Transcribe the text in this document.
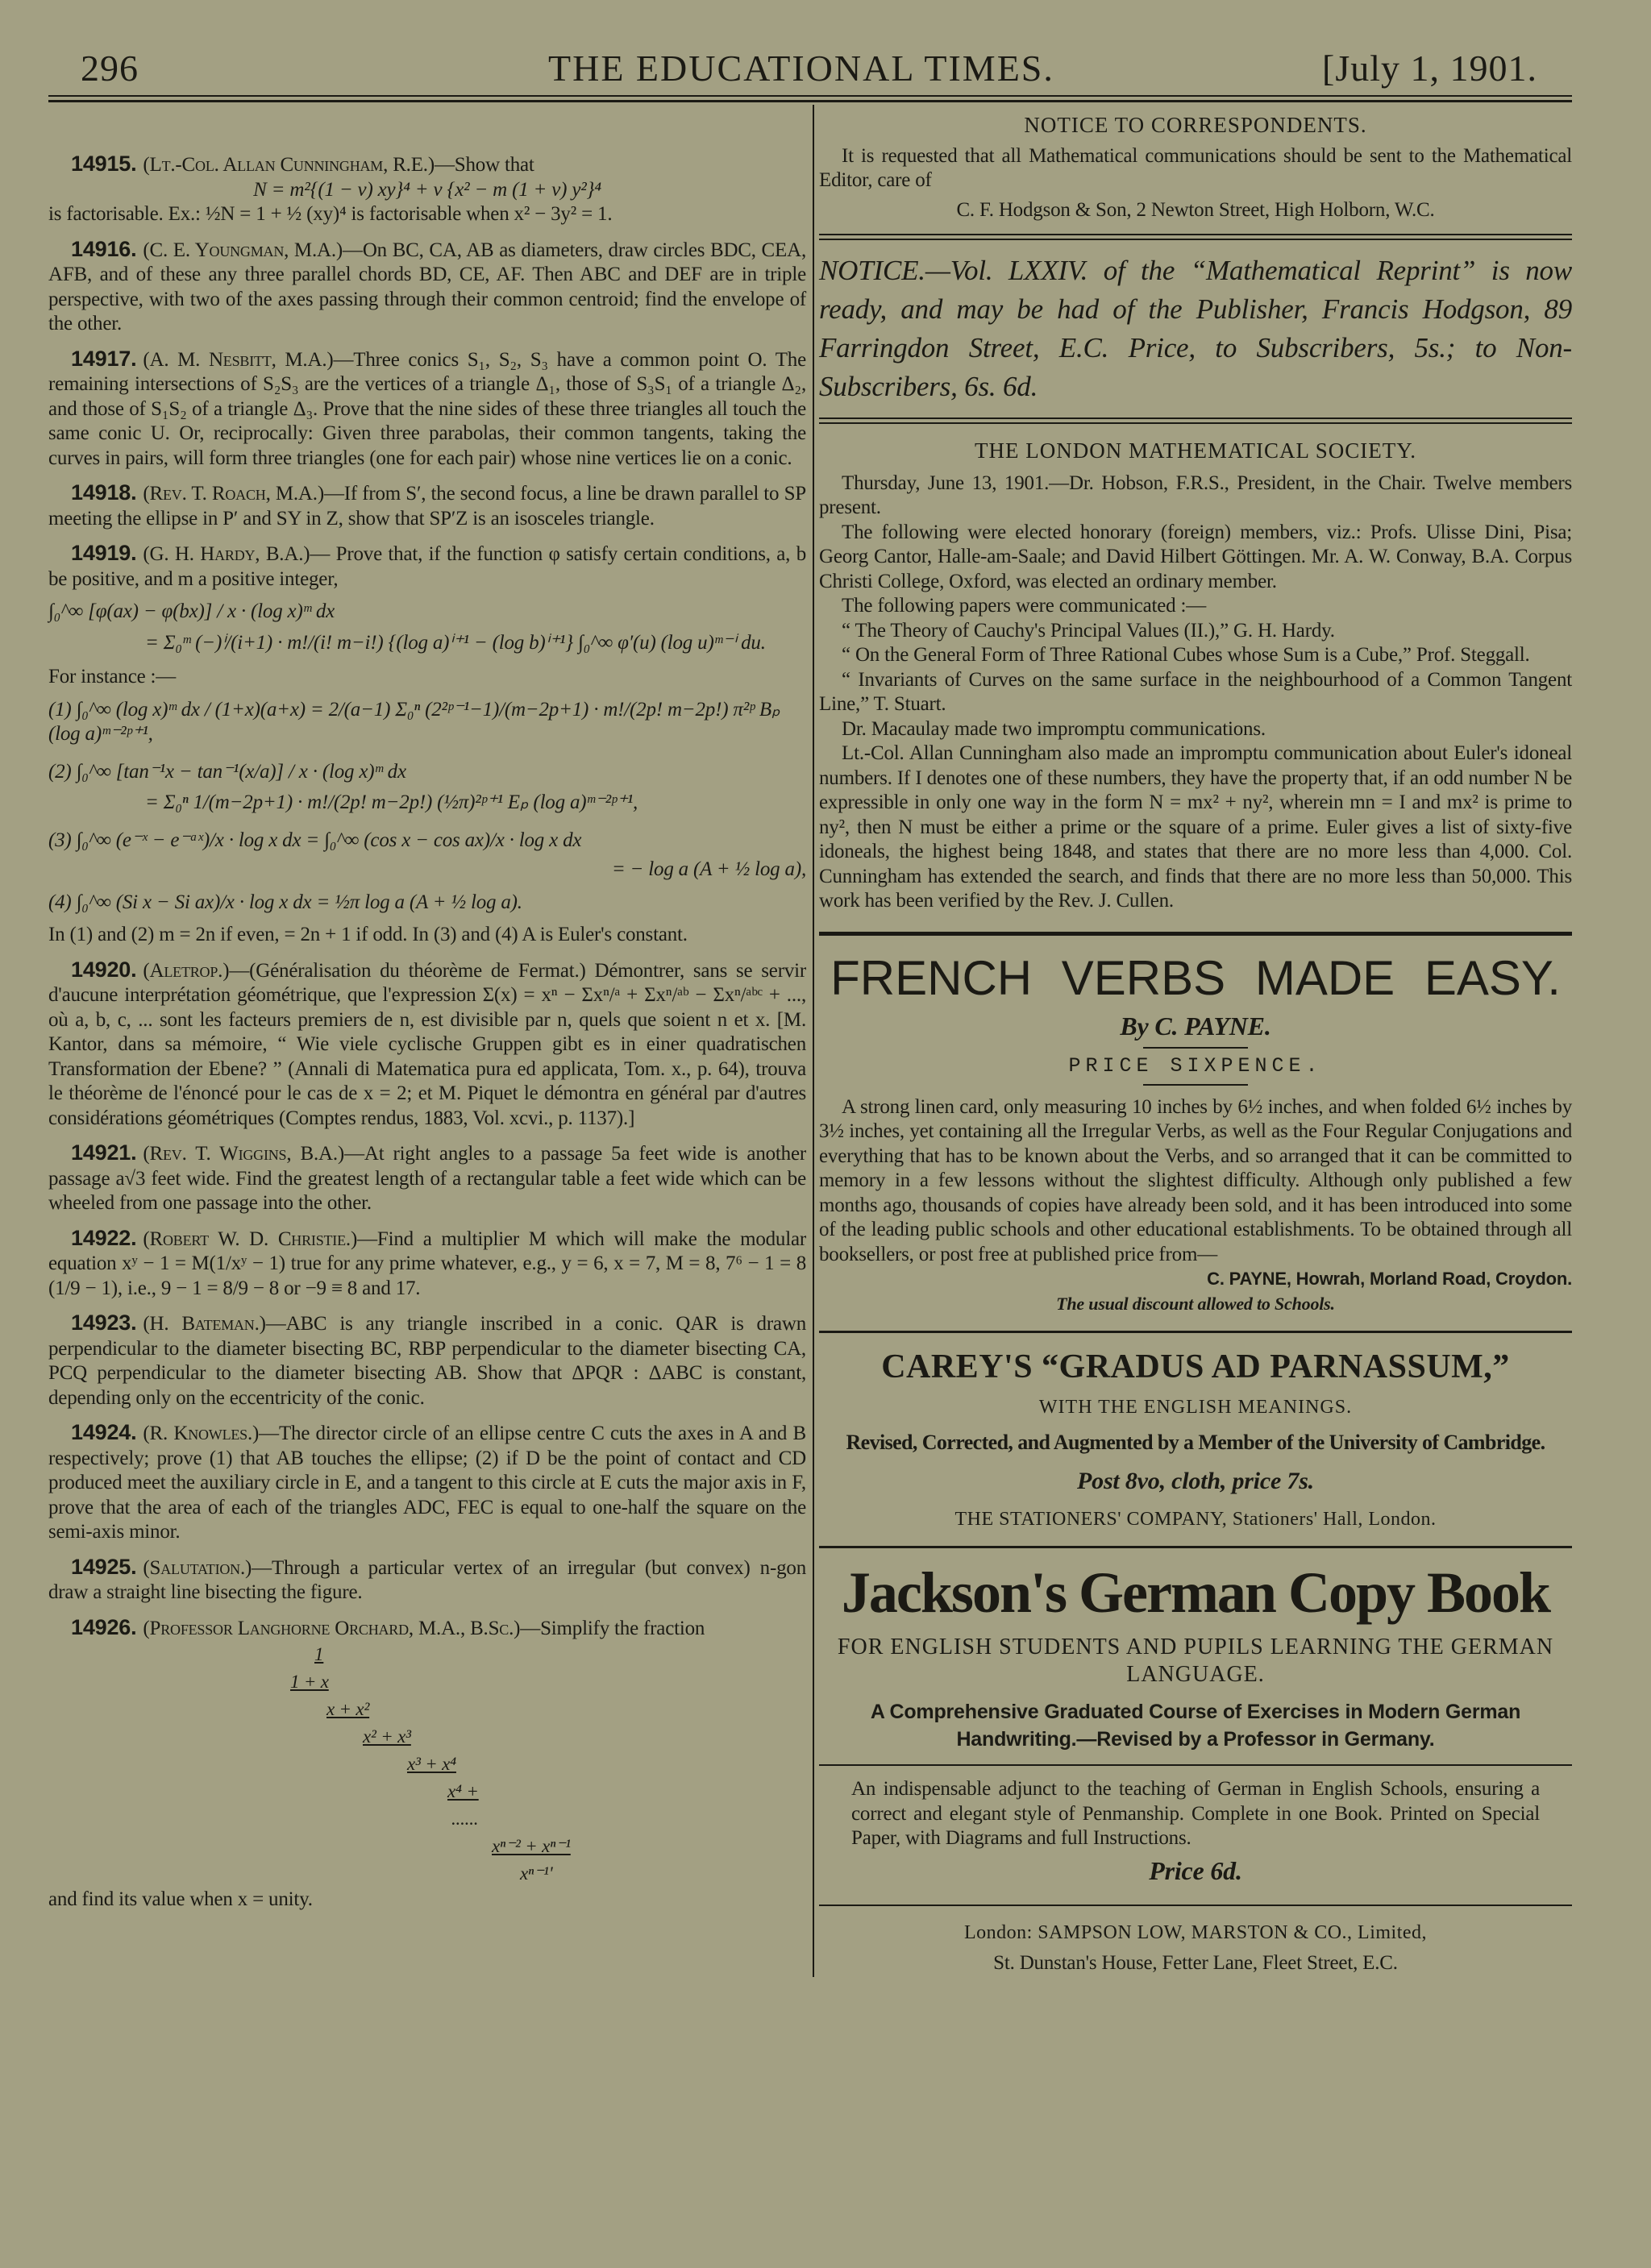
296	THE EDUCATIONAL TIMES.	[July 1, 1901.

14915. (Lt.-Col. Allan Cunningham, R.E.)—Show that

N = m²{(1 − ν) xy}⁴ + ν {x² − m (1 + ν) y²}⁴
is factorisable. Ex.: ½N = 1 + ½ (xy)⁴ is factorisable when x² − 3y² = 1.

14916. (C. E. Youngman, M.A.)—On BC, CA, AB as diameters, draw circles BDC, CEA, AFB, and of these any three parallel chords BD, CE, AF. Then ABC and DEF are in triple perspective, with two of the axes passing through their common centroid; find the envelope of the other.

14917. (A. M. Nesbitt, M.A.)—Three conics S₁, S₂, S₃ have a common point O. The remaining intersections of S₂S₃ are the vertices of a triangle Δ₁, those of S₃S₁ of a triangle Δ₂, and those of S₁S₂ of a triangle Δ₃. Prove that the nine sides of these three triangles all touch the same conic U. Or, reciprocally: Given three parabolas, their common tangents, taking the curves in pairs, will form three triangles (one for each pair) whose nine vertices lie on a conic.

14918. (Rev. T. Roach, M.A.)—If from S′, the second focus, a line be drawn parallel to SP meeting the ellipse in P′ and SY in Z, show that SP′Z is an isosceles triangle.

14919. (G. H. Hardy, B.A.)— Prove that, if the function φ satisfy certain conditions, a, b be positive, and m a positive integer,

∫₀^∞ [φ(ax) − φ(bx)] / x · (log x)ᵐ dx
= Σ₀ᵐ (−)ⁱ/(i+1) · m!/(i! m−i!) {(log a)ⁱ⁺¹ − (log b)ⁱ⁺¹} ∫₀^∞ φ′(u) (log u)ᵐ⁻ⁱ du.
For instance :—
(1) ∫₀^∞ (log x)ᵐ dx / (1+x)(a+x) = 2/(a−1) Σ₀ⁿ (2²ᵖ⁻¹−1)/(m−2p+1) · m!/(2p! m−2p!) π²ᵖ Bₚ (log a)ᵐ⁻²ᵖ⁺¹,
(2) ∫₀^∞ [tan⁻¹x − tan⁻¹(x/a)] / x · (log x)ᵐ dx
= Σ₀ⁿ 1/(m−2p+1) · m!/(2p! m−2p!) (½π)²ᵖ⁺¹ Eₚ (log a)ᵐ⁻²ᵖ⁺¹,
(3) ∫₀^∞ (e⁻ˣ − e⁻ᵃˣ)/x · log x dx = ∫₀^∞ (cos x − cos ax)/x · log x dx
= − log a (A + ½ log a),
(4) ∫₀^∞ (Si x − Si ax)/x · log x dx = ½π log a (A + ½ log a).
In (1) and (2) m = 2n if even, = 2n + 1 if odd. In (3) and (4) A is Euler's constant.

14920. (Aletrop.)—(Généralisation du théorème de Fermat.) Démontrer, sans se servir d'aucune interprétation géométrique, que l'expression Σ(x) = xⁿ − Σxⁿ/ᵃ + Σxⁿ/ᵃᵇ − Σxⁿ/ᵃᵇᶜ + ..., où a, b, c, ... sont les facteurs premiers de n, est divisible par n, quels que soient n et x. [M. Kantor, dans sa mémoire, “ Wie viele cyclische Gruppen gibt es in einer quadratischen Transformation der Ebene? ” (Annali di Matematica pura ed applicata, Tom. x., p. 64), trouva le théorème de l'énoncé pour le cas de x = 2; et M. Piquet le démontra en général par d'autres considérations géométriques (Comptes rendus, 1883, Vol. xcvi., p. 1137).]

14921. (Rev. T. Wiggins, B.A.)—At right angles to a passage 5a feet wide is another passage a√3 feet wide. Find the greatest length of a rectangular table a feet wide which can be wheeled from one passage into the other.

14922. (Robert W. D. Christie.)—Find a multiplier M which will make the modular equation xʸ − 1 = M(1/xʸ − 1) true for any prime whatever, e.g., y = 6, x = 7, M = 8, 7⁶ − 1 = 8 (1/9 − 1), i.e., 9 − 1 = 8/9 − 8 or −9 ≡ 8 and 17.

14923. (H. Bateman.)—ABC is any triangle inscribed in a conic. QAR is drawn perpendicular to the diameter bisecting BC, RBP perpendicular to the diameter bisecting CA, PCQ perpendicular to the diameter bisecting AB. Show that ΔPQR : ΔABC is constant, depending only on the eccentricity of the conic.

14924. (R. Knowles.)—The director circle of an ellipse centre C cuts the axes in A and B respectively; prove (1) that AB touches the ellipse; (2) if D be the point of contact and CD produced meet the auxiliary circle in E, and a tangent to this circle at E cuts the major axis in F, prove that the area of each of the triangles ADC, FEC is equal to one-half the square on the semi-axis minor.

14925. (Salutation.)—Through a particular vertex of an irregular (but convex) n-gon draw a straight line bisecting the figure.

14926. (Professor Langhorne Orchard, M.A., B.Sc.)—Simplify the fraction

1
1 + x
x + x²
x² + x³
x³ + x⁴
x⁴ +
......
xⁿ⁻² + xⁿ⁻¹
xⁿ⁻¹'
and find its value when x = unity.
NOTICE TO CORRESPONDENTS.

It is requested that all Mathematical communications should be sent to the Mathematical Editor, care of

C. F. Hodgson & Son, 2 Newton Street, High Holborn, W.C.
NOTICE.—Vol. LXXIV. of the “Mathematical Reprint” is now ready, and may be had of the Publisher, Francis Hodgson, 89 Farringdon Street, E.C. Price, to Subscribers, 5s.; to Non-Subscribers, 6s. 6d.
THE LONDON MATHEMATICAL SOCIETY.

Thursday, June 13, 1901.—Dr. Hobson, F.R.S., President, in the Chair. Twelve members present.

The following were elected honorary (foreign) members, viz.: Profs. Ulisse Dini, Pisa; Georg Cantor, Halle-am-Saale; and David Hilbert Göttingen. Mr. A. W. Conway, B.A. Corpus Christi College, Oxford, was elected an ordinary member.

The following papers were communicated :—

“ The Theory of Cauchy's Principal Values (II.),” G. H. Hardy.

“ On the General Form of Three Rational Cubes whose Sum is a Cube,” Prof. Steggall.

“ Invariants of Curves on the same surface in the neighbourhood of a Common Tangent Line,” T. Stuart.

Dr. Macaulay made two impromptu communications.

Lt.-Col. Allan Cunningham also made an impromptu communication about Euler's idoneal numbers. If I denotes one of these numbers, they have the property that, if an odd number N be expressible in only one way in the form N = mx² + ny², wherein mn = I and mx² is prime to ny², then N must be either a prime or the square of a prime. Euler gives a list of sixty-five idoneals, the highest being 1848, and states that there are no more less than 4,000. Col. Cunningham has extended the search, and finds that there are no more less than 50,000. This work has been verified by the Rev. J. Cullen.

FRENCH VERBS MADE EASY.
By C. PAYNE.
PRICE SIXPENCE.

A strong linen card, only measuring 10 inches by 6½ inches, and when folded 6½ inches by 3½ inches, yet containing all the Irregular Verbs, as well as the Four Regular Conjugations and everything that has to be known about the Verbs, and so arranged that it can be committed to memory in a few lessons without the slightest difficulty. Although only published a few months ago, thousands of copies have already been sold, and it has been introduced into some of the leading public schools and other educational establishments. To be obtained through all booksellers, or post free at published price from—

C. PAYNE, Howrah, Morland Road, Croydon.
The usual discount allowed to Schools.
CAREY'S “GRADUS AD PARNASSUM,”
WITH THE ENGLISH MEANINGS.
Revised, Corrected, and Augmented by a Member of the University of Cambridge.
Post 8vo, cloth, price 7s.
THE STATIONERS' COMPANY, Stationers' Hall, London.
Jackson's German Copy Book
FOR ENGLISH STUDENTS AND PUPILS LEARNING THE GERMAN LANGUAGE.
A Comprehensive Graduated Course of Exercises in Modern German Handwriting.—Revised by a Professor in Germany.
An indispensable adjunct to the teaching of German in English Schools, ensuring a correct and elegant style of Penmanship. Complete in one Book. Printed on Special Paper, with Diagrams and full Instructions.
Price 6d.
London: SAMPSON LOW, MARSTON & CO., Limited,
St. Dunstan's House, Fetter Lane, Fleet Street, E.C.
